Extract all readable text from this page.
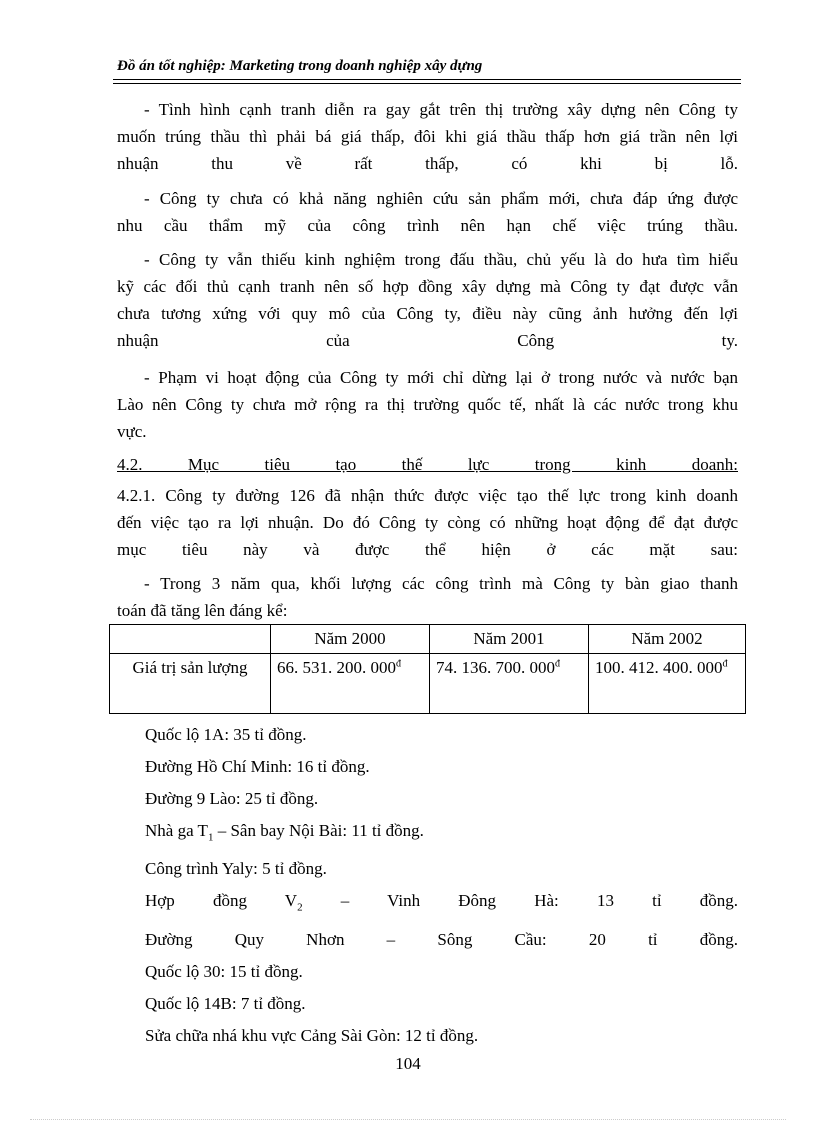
Đồ án tốt nghiệp: Marketing trong doanh nghiệp xây dựng
- Tình hình cạnh tranh diễn ra gay gắt trên thị trường xây dựng nên Công ty
muốn trúng thầu thì phải bá giá thấp, đôi khi giá thầu thấp hơn giá trần nên lợi
nhuận thu về rất thấp, có khi bị lỗ.
- Công ty chưa có khả năng nghiên cứu sản phẩm mới, chưa đáp ứng được
nhu cầu thẩm mỹ của công trình nên hạn chế việc trúng thầu.
- Công ty vẫn thiếu kinh nghiệm trong đấu thầu, chủ yếu là do hưa tìm hiểu
kỹ các đối thủ cạnh tranh nên số hợp đồng xây dựng mà Công ty đạt được vẫn
chưa tương xứng với quy mô của Công ty, điều này cũng ảnh hưởng đến lợi
nhuận của Công ty.
- Phạm vi hoạt động của Công ty mới chỉ dừng lại ở trong nước và nước bạn
Lào nên Công ty chưa mở rộng ra thị trường quốc tế, nhất là các nước trong khu
vực.
4.2. Mục tiêu tạo thế lực trong kinh doanh:
4.2.1. Công ty đường 126 đã nhận thức được việc tạo thế lực trong kinh doanh
đến việc tạo ra lợi nhuận. Do đó Công ty còng có những hoạt động để đạt được
mục tiêu này và được thể hiện ở các mặt sau:
- Trong 3 năm qua, khối lượng các công trình mà Công ty bàn giao thanh
toán đã tăng lên đáng kể:
	Năm 2000	Năm 2001	Năm 2002
Giá trị sản lượng	66. 531. 200. $000^đ$	74. 136. 700. $000^đ$	100. 412. 400. $000^đ$
Quốc lộ 1A: 35 tỉ đồng.
Đường Hồ Chí Minh: 16 tỉ đồng.
Đường 9 Lào: 25 tỉ đồng.
Nhà ga $T_1$ – Sân bay Nội Bài: 11 tỉ đồng.
Công trình Yaly: 5 tỉ đồng.
Hợp đồng $V_2$ – Vinh Đông Hà: 13 tỉ đồng.
Đường Quy Nhơn – Sông Cầu: 20 tỉ đồng.
Quốc lộ 30: 15 tỉ đồng.
Quốc lộ 14B: 7 tỉ đồng.
Sửa chữa nhá khu vực Cảng Sài Gòn: 12 tỉ đồng.
104
